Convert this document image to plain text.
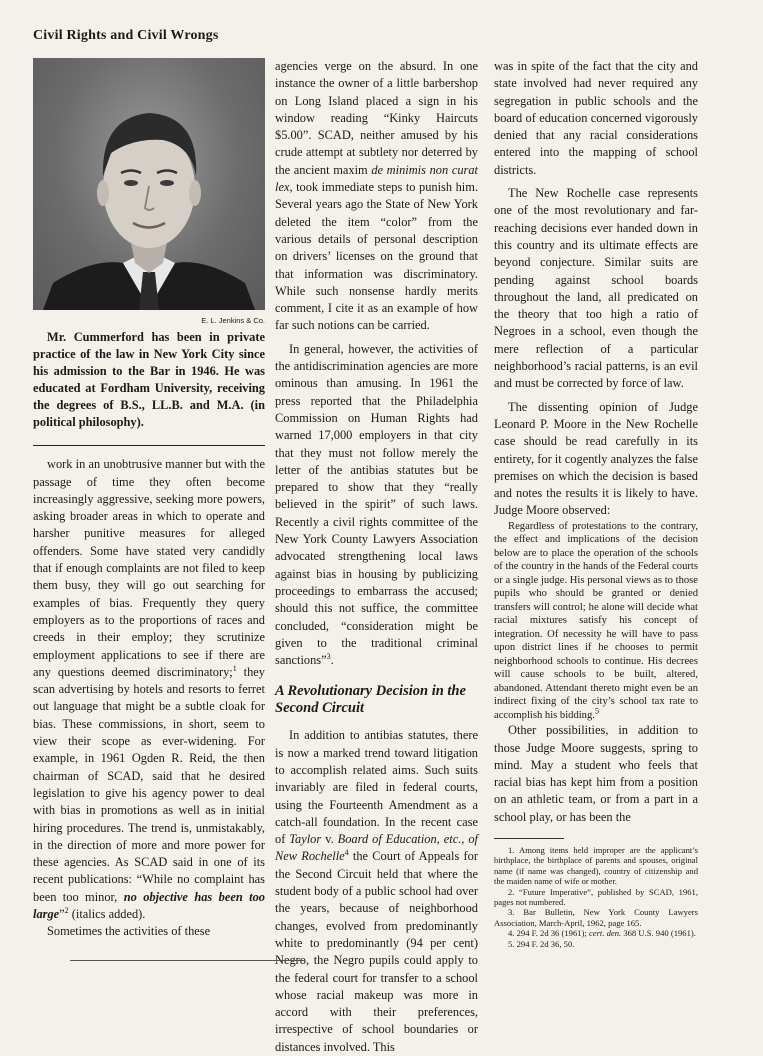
Civil Rights and Civil Wrongs
E. L. Jenkins & Co.

Mr. Cummerford has been in private practice of the law in New York City since his admission to the Bar in 1946. He was educated at Fordham University, receiving the degrees of B.S., LL.B. and M.A. (in political philosophy).

work in an unobtrusive manner but with the passage of time they often become increasingly aggressive, seeking more powers, asking broader areas in which to operate and harsher punitive measures for alleged offenders. Some have stated very candidly that if enough complaints are not filed to keep them busy, they will go out searching for examples of bias. Frequently they query employers as to the proportions of races and creeds in their employ; they scrutinize employment applications to see if there are any questions deemed discriminatory;$^1$ they scan advertising by hotels and resorts to ferret out language that might be a subtle cloak for bias. These commissions, in short, seem to view their scope as ever-widening. For example, in 1961 Ogden R. Reid, the then chairman of SCAD, said that he desired legislation to give his agency power to deal with bias in promotions as well as in initial hiring procedures. The trend is, unmistakably, in the direction of more and more power for these agencies. As SCAD said in one of its recent publications: “While no complaint has been too minor, no objective has been too large”$^2$ (italics added).

Sometimes the activities of these

agencies verge on the absurd. In one instance the owner of a little barbershop on Long Island placed a sign in his window reading “Kinky Haircuts $5.00”. SCAD, neither amused by his crude attempt at subtlety nor deterred by the ancient maxim de minimis non curat lex, took immediate steps to punish him. Several years ago the State of New York deleted the item “color” from the various details of personal description on drivers’ licenses on the ground that that information was discriminatory. While such nonsense hardly merits comment, I cite it as an example of how far such notions can be carried.

In general, however, the activities of the antidiscrimination agencies are more ominous than amusing. In 1961 the press reported that the Philadelphia Commission on Human Rights had warned 17,000 employers in that city that they must not follow merely the letter of the antibias statutes but be prepared to show that they “really believed in the spirit” of such laws. Recently a civil rights committee of the New York County Lawyers Association advocated strengthening local laws against bias in housing by publicizing proceedings to embarrass the accused; should this not suffice, the committee concluded, “consideration might be given to the traditional criminal sanctions”$^3$.

A Revolutionary Decision in the Second Circuit

In addition to antibias statutes, there is now a marked trend toward litigation to accomplish related aims. Such suits invariably are filed in federal courts, using the Fourteenth Amendment as a catch-all foundation. In the recent case of Taylor v. Board of Education, etc., of New Rochelle$^4$ the Court of Appeals for the Second Circuit held that where the student body of a public school had over the years, because of neighborhood changes, evolved from predominantly white to predominantly (94 per cent) Negro, the Negro pupils could apply to the federal court for transfer to a school whose racial makeup was more in accord with their preferences, irrespective of school boundaries or distances involved. This

was in spite of the fact that the city and state involved had never required any segregation in public schools and the board of education concerned vigorously denied that any racial considerations entered into the mapping of school districts.

The New Rochelle case represents one of the most revolutionary and far-reaching decisions ever handed down in this country and its ultimate effects are beyond conjecture. Similar suits are pending against school boards throughout the land, all predicated on the theory that too high a ratio of Negroes in a school, even though the mere reflection of a particular neighborhood’s racial patterns, is an evil and must be corrected by force of law.

The dissenting opinion of Judge Leonard P. Moore in the New Rochelle case should be read carefully in its entirety, for it cogently analyzes the false premises on which the decision is based and notes the results it is likely to have. Judge Moore observed:

Regardless of protestations to the contrary, the effect and implications of the decision below are to place the operation of the schools of the country in the hands of the Federal courts or a single judge. His personal views as to those pupils who should be granted or denied transfers will control; he alone will decide what racial mixtures satisfy his concept of integration. Of necessity he will have to pass upon district lines if he chooses to permit neighborhood schools to continue. His decrees will cause schools to be built, altered, abandoned. Attendant thereto might even be an indirect fixing of the city’s school tax rate to accomplish his bidding.$^5$

Other possibilities, in addition to those Judge Moore suggests, spring to mind. May a student who feels that racial bias has kept him from a position on an athletic team, or from a part in a school play, or has been the

1. Among items held improper are the applicant’s birthplace, the birthplace of parents and spouses, original name (if name was changed), country of citizenship and the maiden name of wife or mother.

2. “Future Imperative”, published by SCAD, 1961, pages not numbered.

3. Bar Bulletin, New York County Lawyers Association, March-April, 1962, page 165.

4. 294 F. 2d 36 (1961); cert. den. 368 U.S. 940 (1961).

5. 294 F. 2d 36, 50.
